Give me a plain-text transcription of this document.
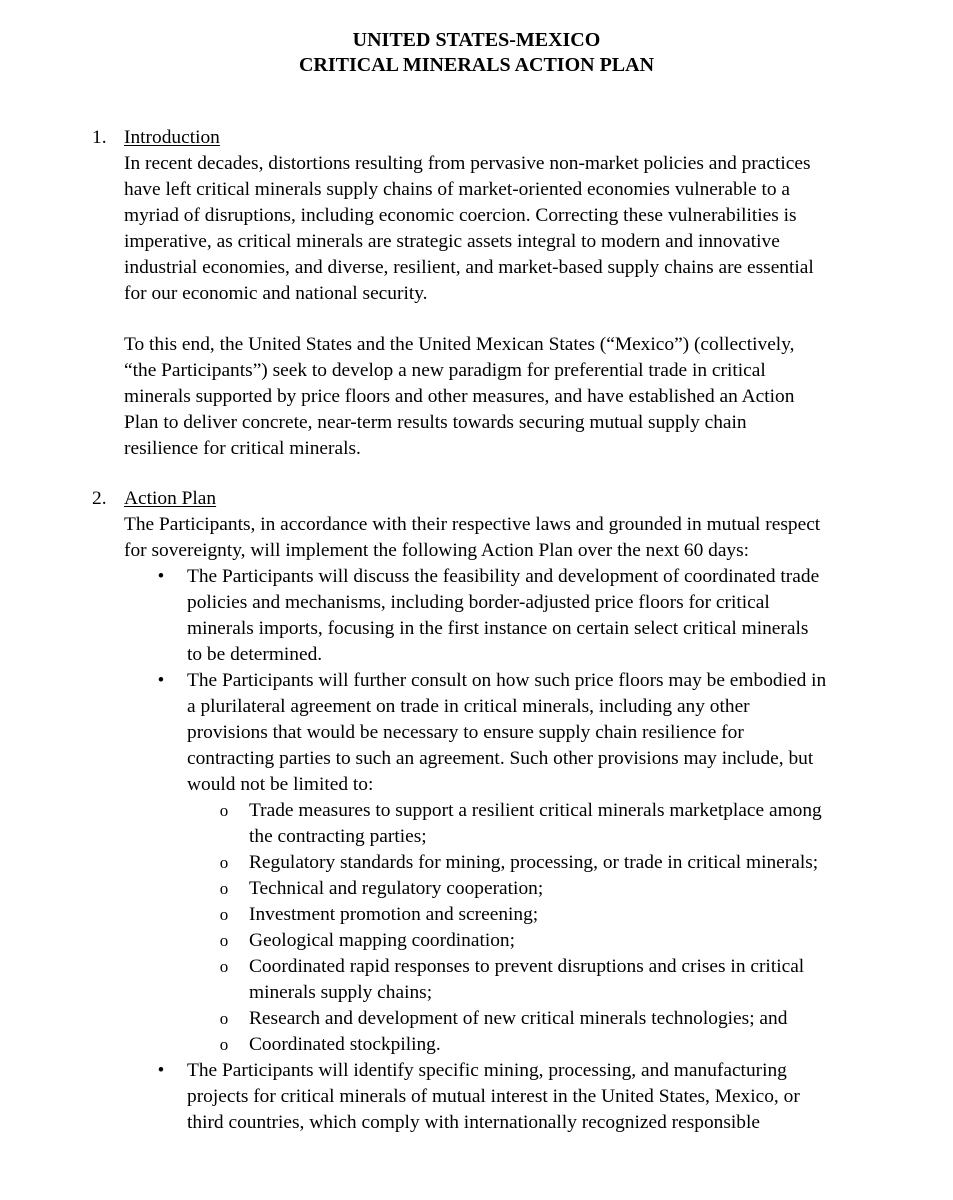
UNITED STATES-MEXICO
CRITICAL MINERALS ACTION PLAN
1. Introduction
In recent decades, distortions resulting from pervasive non-market policies and practices
have left critical minerals supply chains of market-oriented economies vulnerable to a
myriad of disruptions, including economic coercion. Correcting these vulnerabilities is
imperative, as critical minerals are strategic assets integral to modern and innovative
industrial economies, and diverse, resilient, and market-based supply chains are essential
for our economic and national security.
To this end, the United States and the United Mexican States (“Mexico”) (collectively,
“the Participants”) seek to develop a new paradigm for preferential trade in critical
minerals supported by price floors and other measures, and have established an Action
Plan to deliver concrete, near-term results towards securing mutual supply chain
resilience for critical minerals.
2. Action Plan
The Participants, in accordance with their respective laws and grounded in mutual respect
for sovereignty, will implement the following Action Plan over the next 60 days:
• The Participants will discuss the feasibility and development of coordinated trade
policies and mechanisms, including border-adjusted price floors for critical
minerals imports, focusing in the first instance on certain select critical minerals
to be determined.
• The Participants will further consult on how such price floors may be embodied in
a plurilateral agreement on trade in critical minerals, including any other
provisions that would be necessary to ensure supply chain resilience for
contracting parties to such an agreement. Such other provisions may include, but
would not be limited to:
o Trade measures to support a resilient critical minerals marketplace among
the contracting parties;
o Regulatory standards for mining, processing, or trade in critical minerals;
o Technical and regulatory cooperation;
o Investment promotion and screening;
o Geological mapping coordination;
o Coordinated rapid responses to prevent disruptions and crises in critical
minerals supply chains;
o Research and development of new critical minerals technologies; and
o Coordinated stockpiling.
• The Participants will identify specific mining, processing, and manufacturing
projects for critical minerals of mutual interest in the United States, Mexico, or
third countries, which comply with internationally recognized responsible
